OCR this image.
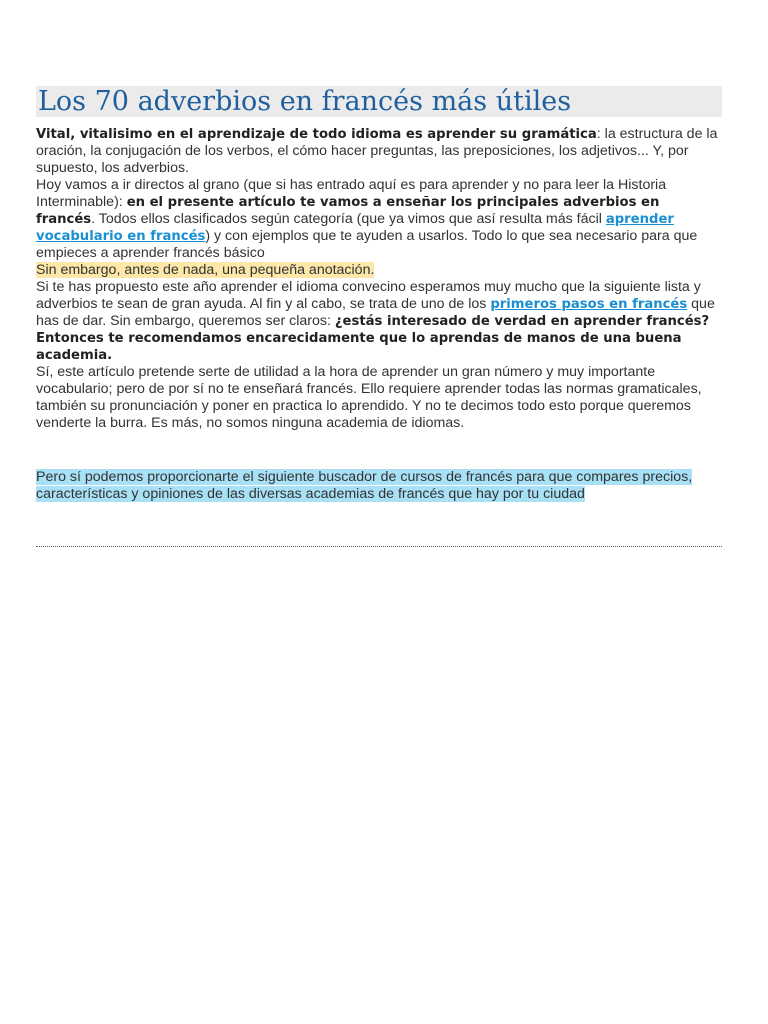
Los 70 adverbios en francés más útiles

Vital, vitalisimo en el aprendizaje de todo idioma es aprender su gramática: la estructura de la oración, la conjugación de los verbos, el cómo hacer preguntas, las preposiciones, los adjetivos... Y, por supuesto, los adverbios.

Hoy vamos a ir directos al grano (que si has entrado aquí es para aprender y no para leer la Historia Interminable): en el presente artículo te vamos a enseñar los principales adverbios en francés. Todos ellos clasificados según categoría (que ya vimos que así resulta más fácil aprender vocabulario en francés) y con ejemplos que te ayuden a usarlos. Todo lo que sea necesario para que empieces a aprender francés básico

Sin embargo, antes de nada, una pequeña anotación.

Si te has propuesto este año aprender el idioma convecino esperamos muy mucho que la siguiente lista y adverbios te sean de gran ayuda. Al fin y al cabo, se trata de uno de los primeros pasos en francés que has de dar. Sin embargo, queremos ser claros: ¿estás interesado de verdad en aprender francés? Entonces te recomendamos encarecidamente que lo aprendas de manos de una buena academia.

Sí, este artículo pretende serte de utilidad a la hora de aprender un gran número y muy importante vocabulario; pero de por sí no te enseñará francés. Ello requiere aprender todas las normas gramaticales, también su pronunciación y poner en practica lo aprendido. Y no te decimos todo esto porque queremos venderte la burra. Es más, no somos ninguna academia de idiomas.

Pero sí podemos proporcionarte el siguiente buscador de cursos de francés para que compares precios, características y opiniones de las diversas academias de francés que hay por tu ciudad
